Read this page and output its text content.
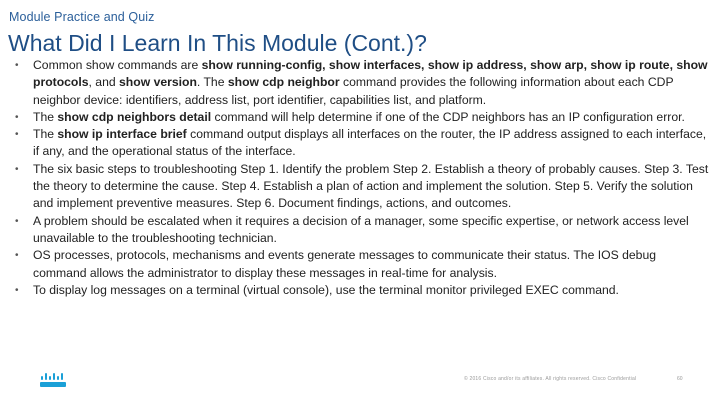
Module Practice and Quiz
What Did I Learn In This Module (Cont.)?
• Common show commands are show running-config, show interfaces, show ip address, show arp, show ip route, show protocols, and show version. The show cdp neighbor command provides the following information about each CDP neighbor device: identifiers, address list, port identifier, capabilities list, and platform.
• The show cdp neighbors detail command will help determine if one of the CDP neighbors has an IP configuration error.
• The show ip interface brief command output displays all interfaces on the router, the IP address assigned to each interface, if any, and the operational status of the interface.
• The six basic steps to troubleshooting Step 1. Identify the problem Step 2. Establish a theory of probably causes. Step 3. Test the theory to determine the cause. Step 4. Establish a plan of action and implement the solution. Step 5. Verify the solution and implement preventive measures. Step 6. Document findings, actions, and outcomes.
• A problem should be escalated when it requires a decision of a manager, some specific expertise, or network access level unavailable to the troubleshooting technician.
• OS processes, protocols, mechanisms and events generate messages to communicate their status. The IOS debug command allows the administrator to display these messages in real-time for analysis.
• To display log messages on a terminal (virtual console), use the terminal monitor privileged EXEC command.
© 2016 Cisco and/or its affiliates. All rights reserved. Cisco Confidential	60
